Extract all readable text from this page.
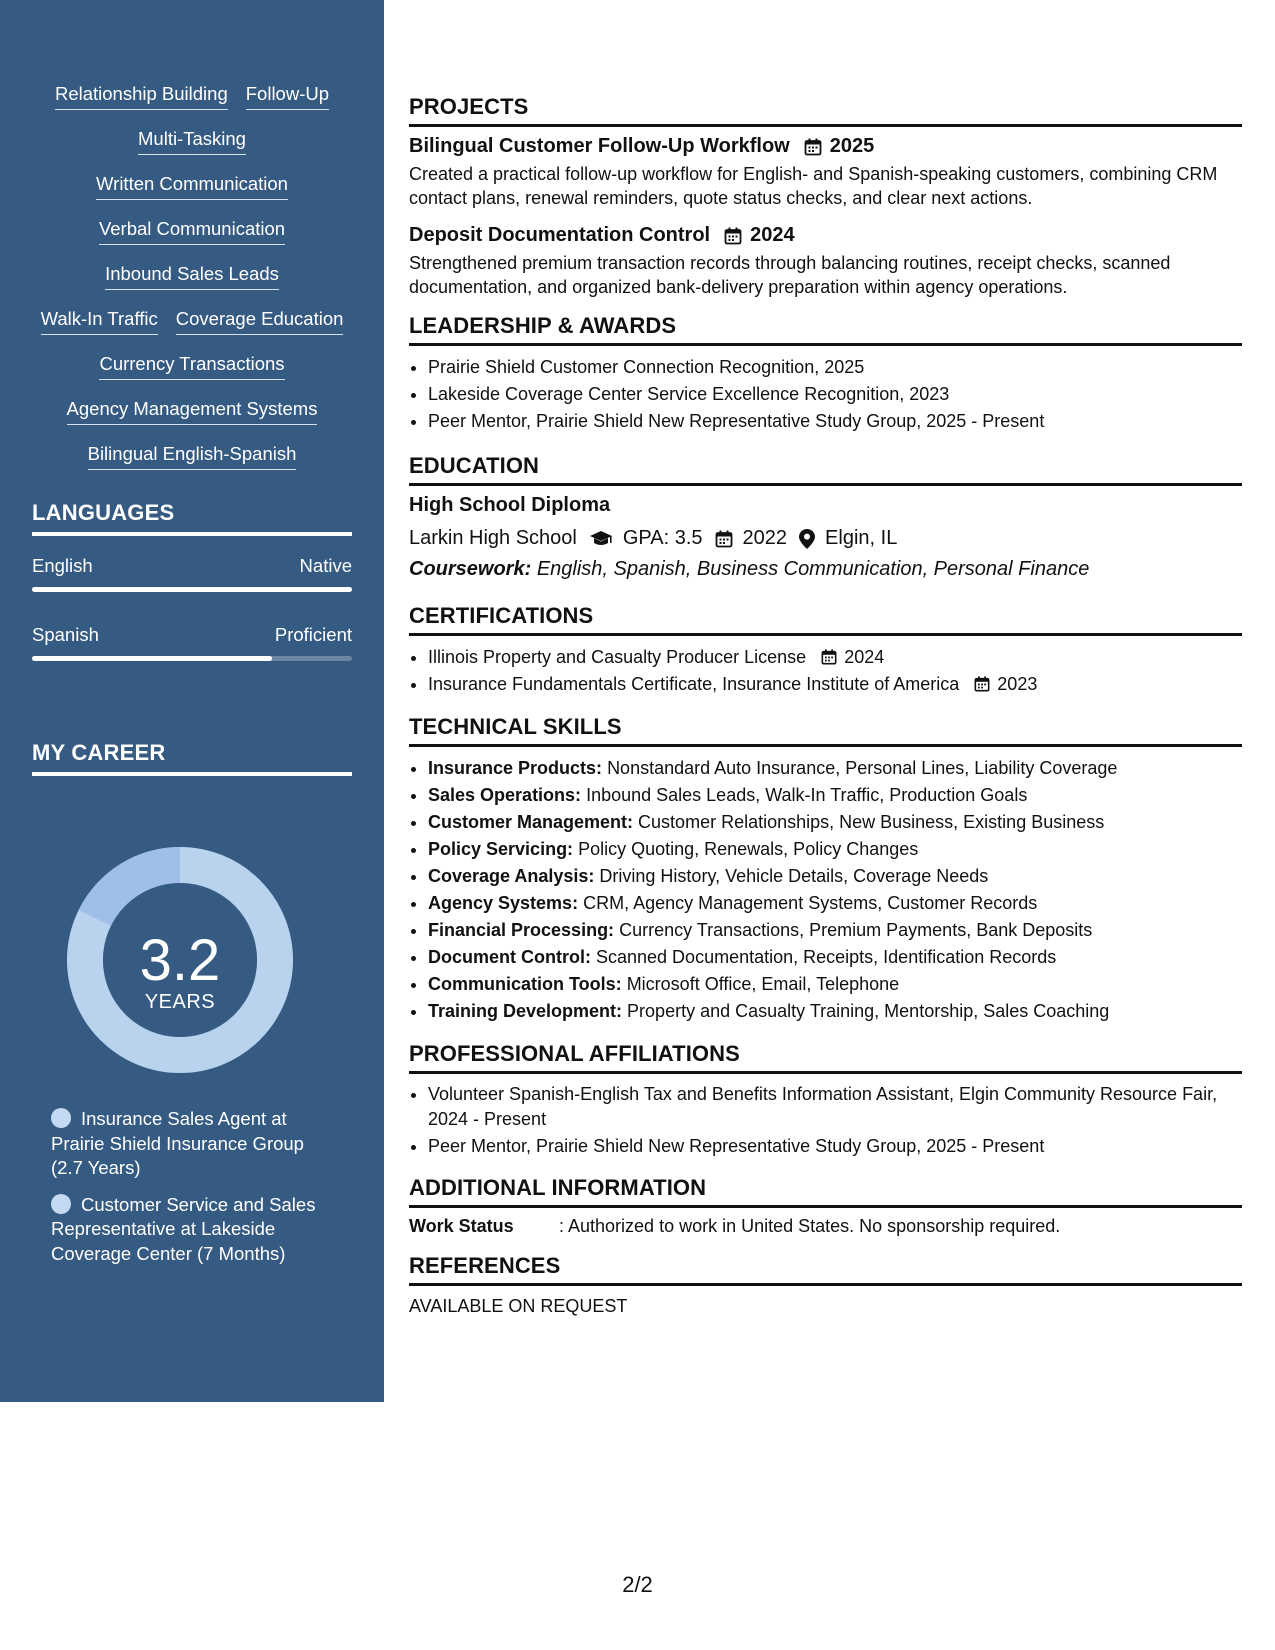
Relationship Building Follow-Up
Multi-Tasking
Written Communication
Verbal Communication
Inbound Sales Leads
Walk-In Traffic Coverage Education
Currency Transactions
Agency Management Systems
Bilingual English-Spanish
LANGUAGES
English	Native
Spanish	Proficient
MY CAREER
3.2
YEARS
Insurance Sales Agent at Prairie Shield Insurance Group (2.7 Years)
Customer Service and Sales Representative at Lakeside Coverage Center (7 Months)
PROJECTS
Bilingual Customer Follow-Up Workflow 2025
Created a practical follow-up workflow for English- and Spanish-speaking customers, combining CRM contact plans, renewal reminders, quote status checks, and clear next actions.
Deposit Documentation Control 2024
Strengthened premium transaction records through balancing routines, receipt checks, scanned documentation, and organized bank-delivery preparation within agency operations.
LEADERSHIP & AWARDS
• Prairie Shield Customer Connection Recognition, 2025
• Lakeside Coverage Center Service Excellence Recognition, 2023
• Peer Mentor, Prairie Shield New Representative Study Group, 2025 - Present
EDUCATION
High School Diploma
Larkin High School GPA: 3.5 2022 Elgin, IL
Coursework: English, Spanish, Business Communication, Personal Finance
CERTIFICATIONS
• Illinois Property and Casualty Producer License 2024
• Insurance Fundamentals Certificate, Insurance Institute of America 2023
TECHNICAL SKILLS
• Insurance Products: Nonstandard Auto Insurance, Personal Lines, Liability Coverage
• Sales Operations: Inbound Sales Leads, Walk-In Traffic, Production Goals
• Customer Management: Customer Relationships, New Business, Existing Business
• Policy Servicing: Policy Quoting, Renewals, Policy Changes
• Coverage Analysis: Driving History, Vehicle Details, Coverage Needs
• Agency Systems: CRM, Agency Management Systems, Customer Records
• Financial Processing: Currency Transactions, Premium Payments, Bank Deposits
• Document Control: Scanned Documentation, Receipts, Identification Records
• Communication Tools: Microsoft Office, Email, Telephone
• Training Development: Property and Casualty Training, Mentorship, Sales Coaching
PROFESSIONAL AFFILIATIONS
• Volunteer Spanish-English Tax and Benefits Information Assistant, Elgin Community Resource Fair, 2024 - Present
• Peer Mentor, Prairie Shield New Representative Study Group, 2025 - Present
ADDITIONAL INFORMATION
Work Status	: Authorized to work in United States. No sponsorship required.
REFERENCES
AVAILABLE ON REQUEST
2/2
